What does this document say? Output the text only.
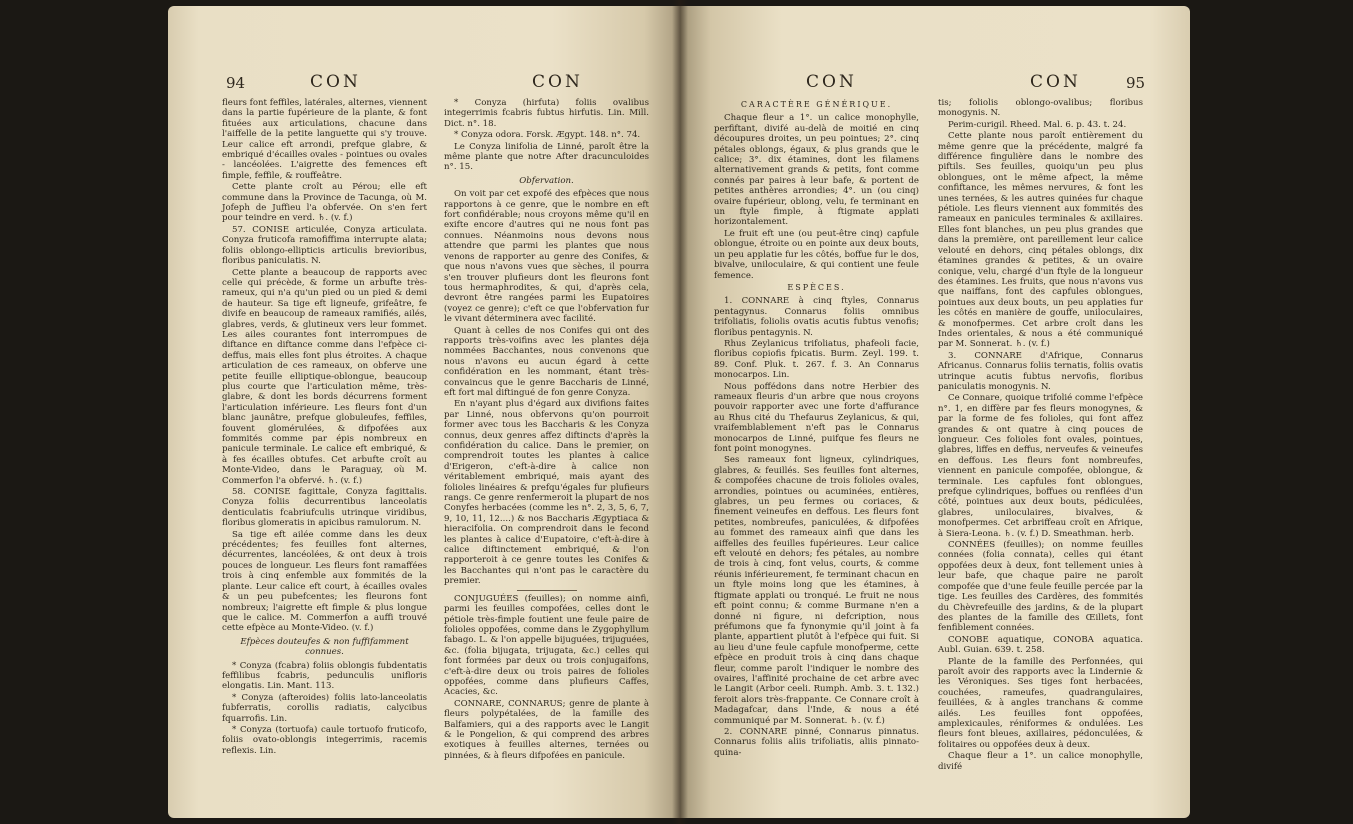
94	CON	CON

fleurs font feffiles, latérales, alternes, viennent dans la partie fupérieure de la plante, & font fituées aux articulations, chacune dans l'aiffelle de la petite languette qui s'y trouve. Leur calice eft arrondi, prefque glabre, & embriqué d'écailles ovales - pointues ou ovales - lancéolées. L'aigrette des femences eft fimple, feffile, & rouffeâtre.

Cette plante croît au Pérou; elle eft commune dans la Province de Tacunga, où M. Jofeph de Juffieu l'a obfervée. On s'en fert pour teindre en verd. ♄. (v. f.)

57. CONISE articulée, Conyza articulata. Conyza fruticofa ramofiffima interrupte alata; foliis oblongo-ellipticis articulis brevioribus, floribus paniculatis. N.

Cette plante a beaucoup de rapports avec celle qui précède, & forme un arbufte très-rameux, qui n'a qu'un pied ou un pied & demi de hauteur. Sa tige eft ligneufe, grifeâtre, fe divife en beaucoup de rameaux ramifiés, ailés, glabres, verds, & glutineux vers leur fommet. Les ailes courantes font interrompues de diftance en diftance comme dans l'efpèce ci-deffus, mais elles font plus étroites. A chaque articulation de ces rameaux, on obferve une petite feuille elliptique-oblongue, beaucoup plus courte que l'articulation même, très-glabre, & dont les bords décurrens forment l'articulation inférieure. Les fleurs font d'un blanc jaunâtre, prefque globuleufes, feffiles, fouvent glomérulées, & difpofées aux fommités comme par épis nombreux en panicule terminale. Le calice eft embriqué, & à fes écailles obtufes. Cet arbufte croît au Monte-Video, dans le Paraguay, où M. Commerfon l'a obfervé. ♄. (v. f.)

58. CONISE fagittale, Conyza fagittalis. Conyza foliis decurrentibus lanceolatis denticulatis fcabriufculis utrinque viridibus, floribus glomeratis in apicibus ramulorum. N.

Sa tige eft ailée comme dans les deux précédentes; fes feuilles font alternes, décurrentes, lancéolées, & ont deux à trois pouces de longueur. Les fleurs font ramaffées trois à cinq enfemble aux fommités de la plante. Leur calice eft court, à écailles ovales & un peu pubefcentes; les fleurons font nombreux; l'aigrette eft fimple & plus longue que le calice. M. Commerfon a auffi trouvé cette efpèce au Monte-Video. (v. f.)

Efpèces douteufes & non fuffifamment connues.

* Conyza (fcabra) foliis oblongis fubdentatis feffilibus fcabris, pedunculis unifloris elongatis. Lin. Mant. 113.

* Conyza (afteroides) foliis lato-lanceolatis fubferratis, corollis radiatis, calycibus fquarrofis. Lin.

* Conyza (tortuofa) caule tortuofo fruticofo, foliis ovato-oblongis integerrimis, racemis reflexis. Lin.

* Conyza (hirfuta) foliis ovalibus integerrimis fcabris fubtus hirfutis. Lin. Mill. Dict. n°. 18.

* Conyza odora. Forsk. Ægypt. 148. n°. 74.

Le Conyza linifolia de Linné, paroît être la même plante que notre After dracunculoides n°. 15.

Obfervation.

On voit par cet expofé des efpèces que nous rapportons à ce genre, que le nombre en eft fort confidérable; nous croyons même qu'il en exifte encore d'autres qui ne nous font pas connues. Néanmoins nous devons nous attendre que parmi les plantes que nous venons de rapporter au genre des Conifes, & que nous n'avons vues que sèches, il pourra s'en trouver plufieurs dont les fleurons font tous hermaphrodites, & qui, d'après cela, devront être rangées parmi les Eupatoires (voyez ce genre); c'eft ce que l'obfervation fur le vivant déterminera avec facilité.

Quant à celles de nos Conifes qui ont des rapports très-voifins avec les plantes déja nommées Bacchantes, nous convenons que nous n'avons eu aucun égard à cette confidération en les nommant, étant très-convaincus que le genre Baccharis de Linné, eft fort mal diftingué de fon genre Conyza.

En n'ayant plus d'égard aux divifions faites par Linné, nous obfervons qu'on pourroit former avec tous les Baccharis & les Conyza connus, deux genres affez diftincts d'après la confidération du calice. Dans le premier, on comprendroit toutes les plantes à calice d'Erigeron, c'eft-à-dire à calice non véritablement embriqué, mais ayant des folioles linéaires & prefqu'égales fur plufieurs rangs. Ce genre renfermeroit la plupart de nos Conyfes herbacées (comme les n°. 2, 3, 5, 6, 7, 9, 10, 11, 12....) & nos Baccharis Ægyptiaca & hieracifolia. On comprendroit dans le fecond les plantes à calice d'Eupatoire, c'eft-à-dire à calice diftinctement embriqué, & l'on rapporteroit à ce genre toutes les Conifes & les Bacchantes qui n'ont pas le caractère du premier.

CONJUGUÉES (feuilles); on nomme ainfi, parmi les feuilles compofées, celles dont le pétiole très-fimple foutient une feule paire de folioles oppofées, comme dans le Zygophyllum fabago. L. & l'on appelle bijuguées, trijuguées, &c. (folia bijugata, trijugata, &c.) celles qui font formées par deux ou trois conjugaifons, c'eft-à-dire deux ou trois paires de folioles oppofées, comme dans plufieurs Caffes, Acacies, &c.

CONNARE, CONNARUS; genre de plante à fleurs polypétalées, de la famille des Balfamiers, qui a des rapports avec le Langit & le Pongelion, & qui comprend des arbres exotiques à feuilles alternes, ternées ou pinnées, & à fleurs difpofées en panicule.

CON	CON	95

CARACTÈRE GÉNÉRIQUE.

Chaque fleur a 1°. un calice monophylle, perfiftant, divifé au-delà de moitié en cinq découpures droites, un peu pointues; 2°. cinq pétales oblongs, égaux, & plus grands que le calice; 3°. dix étamines, dont les filamens alternativement grands & petits, font comme connés par paires à leur bafe, & portent de petites anthères arrondies; 4°. un (ou cinq) ovaire fupérieur, oblong, velu, fe terminant en un ftyle fimple, à ftigmate applati horizontalement.

Le fruit eft une (ou peut-être cinq) capfule oblongue, étroite ou en pointe aux deux bouts, un peu applatie fur les côtés, boffue fur le dos, bivalve, uniloculaire, & qui contient une feule femence.

ESPÈCES.

1. CONNARE à cinq ftyles, Connarus pentagynus. Connarus foliis omnibus trifoliatis, foliolis ovatis acutis fubtus venofis; floribus pentagynis. N.

Rhus Zeylanicus trifoliatus, phafeoli facie, floribus copiofis fpicatis. Burm. Zeyl. 199. t. 89. Conf. Pluk. t. 267. f. 3. An Connarus monocarpos. Lin.

Nous poffédons dans notre Herbier des rameaux fleuris d'un arbre que nous croyons pouvoir rapporter avec une forte d'affurance au Rhus cité du Thefaurus Zeylanicus, & qui, vraifemblablement n'eft pas le Connarus monocarpos de Linné, puifque fes fleurs ne font point monogynes.

Ses rameaux font ligneux, cylindriques, glabres, & feuillés. Ses feuilles font alternes, & compofées chacune de trois folioles ovales, arrondies, pointues ou acuminées, entières, glabres, un peu fermes ou coriaces, & finement veineufes en deffous. Les fleurs font petites, nombreufes, paniculées, & difpofées au fommet des rameaux ainfi que dans les aiffelles des feuilles fupérieures. Leur calice eft velouté en dehors; fes pétales, au nombre de trois à cinq, font velus, courts, & comme réunis inférieurement, fe terminant chacun en un ftyle moins long que les étamines, à ftigmate applati ou tronqué. Le fruit ne nous eft point connu; & comme Burmane n'en a donné ni figure, ni defcription, nous préfumons que fa fynonymie qu'il joint à fa plante, appartient plutôt à l'efpèce qui fuit. Si au lieu d'une feule capfule monofperme, cette efpèce en produit trois à cinq dans chaque fleur, comme paroît l'indiquer le nombre des ovaires, l'affinité prochaine de cet arbre avec le Langit (Arbor ceeli. Rumph. Amb. 3. t. 132.) feroit alors très-frappante. Ce Connare croît à Madagafcar, dans l'Inde, & nous a été communiqué par M. Sonnerat. ♄. (v. f.)

2. CONNARE pinné, Connarus pinnatus. Connarus foliis aliis trifoliatis, aliis pinnato-quina-

tis; foliolis oblongo-ovalibus; floribus monogynis. N.

Perim-curigil. Rheed. Mal. 6. p. 43. t. 24.

Cette plante nous paroît entièrement du même genre que la précédente, malgré fa différence fingulière dans le nombre des piftils. Ses feuilles, quoiqu'un peu plus oblongues, ont le même afpect, la même confiftance, les mêmes nervures, & font les unes ternées, & les autres quinées fur chaque pétiole. Les fleurs viennent aux fommités des rameaux en panicules terminales & axillaires. Elles font blanches, un peu plus grandes que dans la première, ont pareillement leur calice velouté en dehors, cinq pétales oblongs, dix étamines grandes & petites, & un ovaire conique, velu, chargé d'un ftyle de la longueur des étamines. Les fruits, que nous n'avons vus que naiffans, font des capfules oblongues, pointues aux deux bouts, un peu applaties fur les côtés en manière de gouffe, uniloculaires, & monofpermes. Cet arbre croît dans les Indes orientales, & nous a été communiqué par M. Sonnerat. ♄. (v. f.)

3. CONNARE d'Afrique, Connarus Africanus. Connarus foliis ternatis, foliis ovatis utrinque acutis fubtus nervofis, floribus paniculatis monogynis. N.

Ce Connare, quoique trifolié comme l'efpèce n°. 1, en diffère par fes fleurs monogynes, & par la forme de fes folioles, qui font affez grandes & ont quatre à cinq pouces de longueur. Ces folioles font ovales, pointues, glabres, liffes en deffus, nerveufes & veineufes en deffous. Les fleurs font nombreufes, viennent en panicule compofée, oblongue, & terminale. Les capfules font oblongues, prefque cylindriques, boffues ou renflées d'un côté, pointues aux deux bouts, pédiculées, glabres, uniloculaires, bivalves, & monofpermes. Cet arbriffeau croît en Afrique, à Siera-Leona. ♄. (v. f.) D. Smeathman. herb.

CONNÉES (feuilles); on nomme feuilles connées (folia connata), celles qui étant oppofées deux à deux, font tellement unies à leur bafe, que chaque paire ne paroît compofée que d'une feule feuille percée par la tige. Les feuilles des Cardères, des fommités du Chèvrefeuille des jardins, & de la plupart des plantes de la famille des Œillets, font fenfiblement connées.

CONOBE aquatique, CONOBA aquatica. Aubl. Guian. 639. t. 258.

Plante de la famille des Perfonnées, qui paroît avoir des rapports avec la Lindernie & les Véroniques. Ses tiges font herbacées, couchées, rameufes, quadrangulaires, feuillées, & à angles tranchans & comme ailés. Les feuilles font oppofées, amplexicaules, réniformes & ondulées. Les fleurs font bleues, axillaires, pédonculées, & folitaires ou oppofées deux à deux.

Chaque fleur a 1°. un calice monophylle, divifé
